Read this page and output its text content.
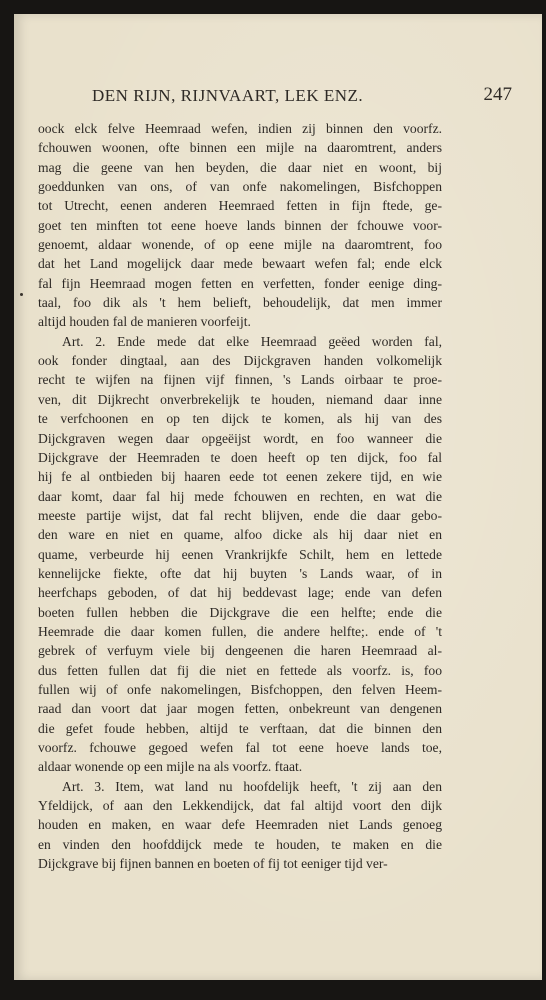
DEN RIJN, RIJNVAART, LEK ENZ.	247
oock elck felve Heemraad wefen, indien zij binnen den voorfz.
fchouwen woonen, ofte binnen een mijle na daaromtrent, anders
mag die geene van hen beyden, die daar niet en woont, bij
goeddunken van ons, of van onfe nakomelingen, Bisfchoppen
tot Utrecht, eenen anderen Heemraed fetten in fijn ftede, ge-
goet ten minften tot eene hoeve lands binnen der fchouwe voor-
genoemt, aldaar wonende, of op eene mijle na daaromtrent, foo
dat het Land mogelijck daar mede bewaart wefen fal; ende elck
fal fijn Heemraad mogen fetten en verfetten, fonder eenige ding-
taal, foo dik als 't hem belieft, behoudelijk, dat men immer
altijd houden fal de manieren voorfeijt.
Art. 2. Ende mede dat elke Heemraad geëed worden fal,
ook fonder dingtaal, aan des Dijckgraven handen volkomelijk
recht te wijfen na fijnen vijf finnen, 's Lands oirbaar te proe-
ven, dit Dijkrecht onverbrekelijk te houden, niemand daar inne
te verfchoonen en op ten dijck te komen, als hij van des
Dijckgraven wegen daar opgeëijst wordt, en foo wanneer die
Dijckgrave der Heemraden te doen heeft op ten dijck, foo fal
hij fe al ontbieden bij haaren eede tot eenen zekere tijd, en wie
daar komt, daar fal hij mede fchouwen en rechten, en wat die
meeste partije wijst, dat fal recht blijven, ende die daar gebo-
den ware en niet en quame, alfoo dicke als hij daar niet en
quame, verbeurde hij eenen Vrankrijkfe Schilt, hem en lettede
kennelijcke fiekte, ofte dat hij buyten 's Lands waar, of in
heerfchaps geboden, of dat hij beddevast lage; ende van defen
boeten fullen hebben die Dijckgrave die een helfte; ende die
Heemrade die daar komen fullen, die andere helfte;. ende of 't
gebrek of verfuym viele bij dengeenen die haren Heemraad al-
dus fetten fullen dat fij die niet en fettede als voorfz. is, foo
fullen wij of onfe nakomelingen, Bisfchoppen, den felven Heem-
raad dan voort dat jaar mogen fetten, onbekreunt van dengenen
die gefet foude hebben, altijd te verftaan, dat die binnen den
voorfz. fchouwe gegoed wefen fal tot eene hoeve lands toe,
aldaar wonende op een mijle na als voorfz. ftaat.
Art. 3. Item, wat land nu hoofdelijk heeft, 't zij aan den
Yfeldijck, of aan den Lekkendijck, dat fal altijd voort den dijk
houden en maken, en waar defe Heemraden niet Lands genoeg
en vinden den hoofddijck mede te houden, te maken en die
Dijckgrave bij fijnen bannen en boeten of fij tot eeniger tijd ver-
